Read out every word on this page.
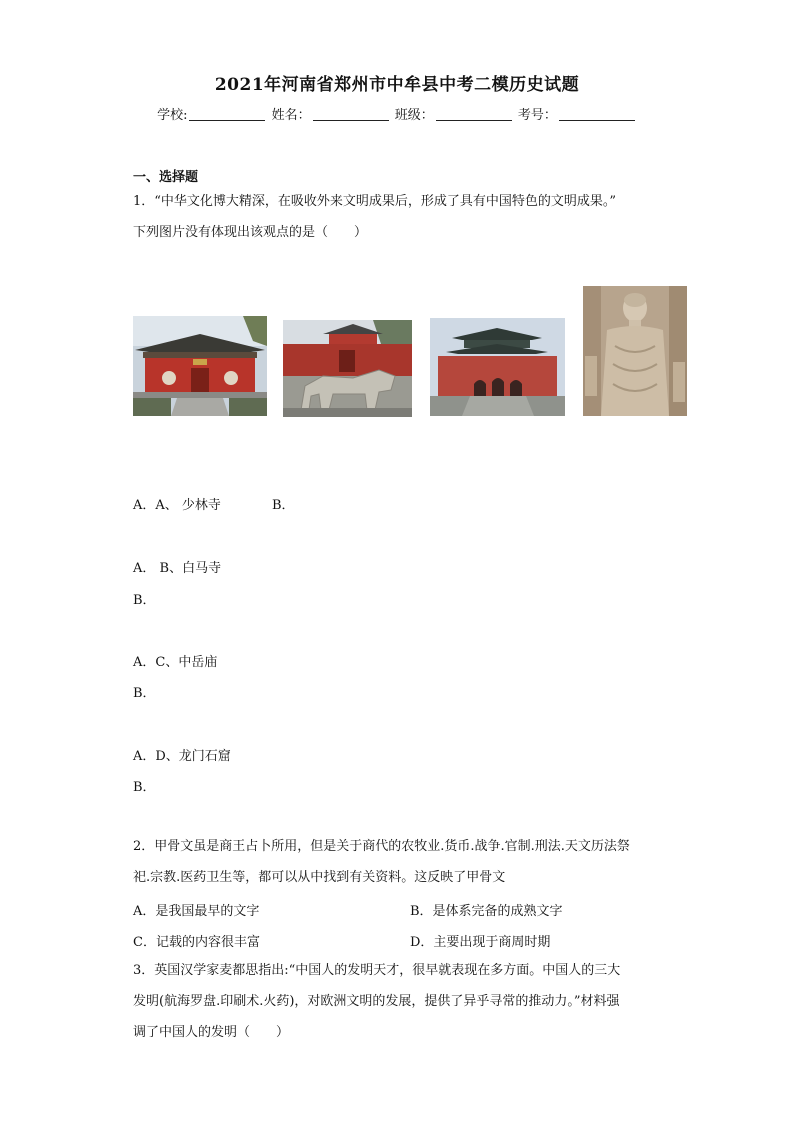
2021年河南省郑州市中牟县中考二模历史试题
学校:	姓名：	班级：	考号：
一、选择题
1．“中华文化博大精深，在吸收外来文明成果后，形成了具有中国特色的文明成果。”
下列图片没有体现出该观点的是（　　）
A．A、 少林寺	B．
A． B、白马寺
B．
A．C、中岳庙
B．
A．D、龙门石窟
B．
2．甲骨文虽是商王占卜所用，但是关于商代的农牧业.货币.战争.官制.刑法.天文历法祭
祀.宗教.医药卫生等，都可以从中找到有关资料。这反映了甲骨文
A．是我国最早的文字	B．是体系完备的成熟文字
C．记载的内容很丰富	D．主要出现于商周时期
3．英国汉学家麦都思指出:“中国人的发明天才，很早就表现在多方面。中国人的三大
发明(航海罗盘.印刷术.火药)，对欧洲文明的发展，提供了异乎寻常的推动力。”材料强
调了中国人的发明（　　）
